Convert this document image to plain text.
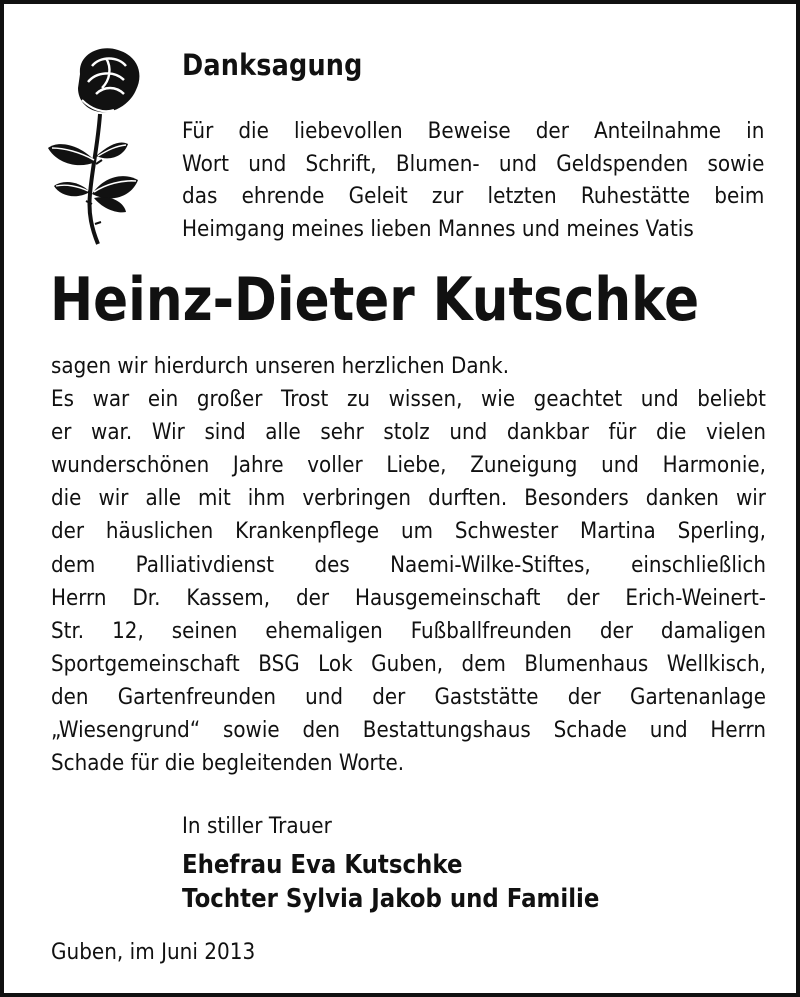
Danksagung
Für die liebevollen Beweise der Anteilnahme in
Wort und Schrift, Blumen- und Geldspenden sowie
das ehrende Geleit zur letzten Ruhestätte beim
Heimgang meines lieben Mannes und meines Vatis
Heinz-Dieter Kutschke
sagen wir hierdurch unseren herzlichen Dank.
Es war ein großer Trost zu wissen, wie geachtet und beliebt
er war. Wir sind alle sehr stolz und dankbar für die vielen
wunderschönen Jahre voller Liebe, Zuneigung und Harmonie,
die wir alle mit ihm verbringen durften. Besonders danken wir
der häuslichen Krankenpflege um Schwester Martina Sperling,
dem Palliativdienst des Naemi-Wilke-Stiftes, einschließlich
Herrn Dr. Kassem, der Hausgemeinschaft der Erich-Weinert-
Str. 12, seinen ehemaligen Fußballfreunden der damaligen
Sportgemeinschaft BSG Lok Guben, dem Blumenhaus Wellkisch,
den Gartenfreunden und der Gaststätte der Gartenanlage
„Wiesengrund“ sowie den Bestattungshaus Schade und Herrn
Schade für die begleitenden Worte.
In stiller Trauer
Ehefrau Eva Kutschke
Tochter Sylvia Jakob und Familie
Guben, im Juni 2013
